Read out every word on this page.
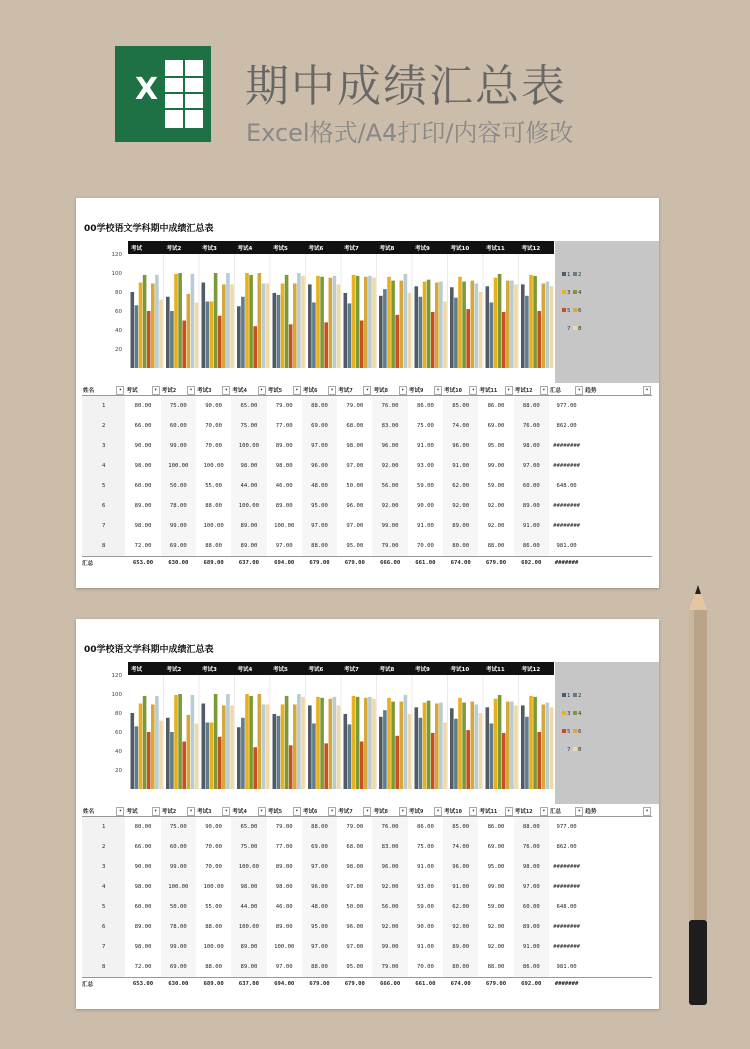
X 期中成绩汇总表
Excel格式/A4打印/内容可修改
00学校语文学科期中成绩汇总表
120
100
80
60
40
20
考试	考试2	考试3	考试4	考试5	考试6	考试7	考试8	考试9	考试10	考试11	考试12
1 2
3 4
5 6
7 8
姓名 ▾	考试 ▾	考试2 ▾	考试3 ▾	考试4 ▾	考试5 ▾	考试6 ▾	考试7 ▾	考试8 ▾	考试9 ▾	考试10 ▾	考试11 ▾	考试12 ▾	汇总 ▾	趋势 ▾

1	80.00	75.00	90.00	65.00	79.00	88.00	79.00	76.00	86.00	85.00	86.00	88.00	977.00	
2	66.00	60.00	70.00	75.00	77.00	69.00	68.00	83.00	75.00	74.00	69.00	76.00	862.00	
3	90.00	99.00	70.00	100.00	89.00	97.00	98.00	96.00	91.00	96.00	95.00	98.00	########	
4	98.00	100.00	100.00	98.00	98.00	96.00	97.00	92.00	93.00	91.00	99.00	97.00	########	
5	60.00	50.00	55.00	44.00	46.00	48.00	50.00	56.00	59.00	62.00	59.00	60.00	648.00	
6	89.00	78.00	88.00	100.00	89.00	95.00	96.00	92.00	90.00	92.00	92.00	89.00	########	
7	98.00	99.00	100.00	89.00	100.00	97.00	97.00	99.00	91.00	89.00	92.00	91.00	########	
8	72.00	69.00	88.00	89.00	97.00	88.00	95.00	79.00	70.00	80.00	88.00	86.00	981.00	
汇总	653.00	630.00	689.00	637.00	694.00	679.00	679.00	666.00	661.00	674.00	679.00	692.00	#######	
00学校语文学科期中成绩汇总表
120
100
80
60
40
20
考试	考试2	考试3	考试4	考试5	考试6	考试7	考试8	考试9	考试10	考试11	考试12
1 2
3 4
5 6
7 8
姓名 ▾	考试 ▾	考试2 ▾	考试3 ▾	考试4 ▾	考试5 ▾	考试6 ▾	考试7 ▾	考试8 ▾	考试9 ▾	考试10 ▾	考试11 ▾	考试12 ▾	汇总 ▾	趋势 ▾

1	80.00	75.00	90.00	65.00	79.00	88.00	79.00	76.00	86.00	85.00	86.00	88.00	977.00	
2	66.00	60.00	70.00	75.00	77.00	69.00	68.00	83.00	75.00	74.00	69.00	76.00	862.00	
3	90.00	99.00	70.00	100.00	89.00	97.00	98.00	96.00	91.00	96.00	95.00	98.00	########	
4	98.00	100.00	100.00	98.00	98.00	96.00	97.00	92.00	93.00	91.00	99.00	97.00	########	
5	60.00	50.00	55.00	44.00	46.00	48.00	50.00	56.00	59.00	62.00	59.00	60.00	648.00	
6	89.00	78.00	88.00	100.00	89.00	95.00	96.00	92.00	90.00	92.00	92.00	89.00	########	
7	98.00	99.00	100.00	89.00	100.00	97.00	97.00	99.00	91.00	89.00	92.00	91.00	########	
8	72.00	69.00	88.00	89.00	97.00	88.00	95.00	79.00	70.00	80.00	88.00	86.00	981.00	
汇总	653.00	630.00	689.00	637.00	694.00	679.00	679.00	666.00	661.00	674.00	679.00	692.00	#######	
